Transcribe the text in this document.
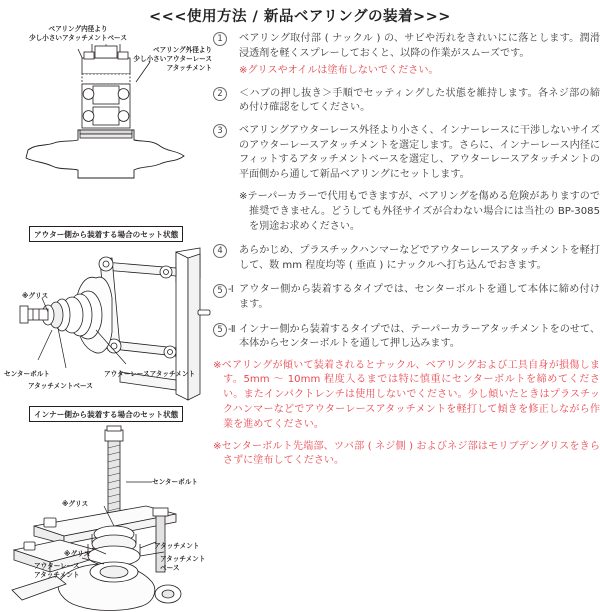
<<<使用方法 / 新品ベアリングの装着>>>
ベアリング内径より
少し小さいアタッチメントベース
ベアリング外径より
少し小さいアウターレース
アタッチメント
アウター側から装着する場合のセット状態
※グリス
センターボルト
アタッチメントベース
アウターレースアタッチメント
インナー側から装着する場合のセット状態
センターボルト
※グリス
アタッチメント
アタッチメント
ベース
※グリス
アウターレース
アタッチメント
1	ベアリング取付部 ( ナックル ) の、サビや汚れをきれいにに落とします。潤滑浸透剤を軽くスプレーしておくと、以降の作業がスムーズです。
※グリスやオイルは塗布しないでください。
2	＜ハブの押し抜き＞手順でセッティングした状態を維持します。各ネジ部の締め付け確認をしてください。
3	ベアリングアウターレース外径より小さく、インナーレースに干渉しないサイズのアウターレースアタッチメントを選定します。さらに、インナーレース内径にフィットするアタッチメントベースを選定し、アウターレースアタッチメントの平面側から通して新品ベアリングにセットします。
※テーパーカラーで代用もできますが、ベアリングを傷める危険がありますので推奨できません。どうしても外径サイズが合わない場合には当社の BP-3085 を別途お求めください。
4	あらかじめ、プラスチックハンマーなどでアウターレースアタッチメントを軽打して、数 mm 程度均等 ( 垂直 ) にナックルへ打ち込んでおきます。
5 -Ⅰ アウター側から装着するタイプでは、センターボルトを通して本体に締め付けます。
5 -Ⅱ インナー側から装着するタイプでは、テーパーカラーアタッチメントをのせて、本体からセンターボルトを通して押し込みます。

※ベアリングが傾いて装着されるとナックル、ベアリングおよび工具自身が損傷します。5mm ～ 10mm 程度入るまでは特に慎重にセンターボルトを締めてください。またインパクトレンチは使用しないでください。少し傾いたときはプラスチックハンマーなどでアウターレースアタッチメントを軽打して傾きを修正しながら作業を進めてください。

※センターボルト先端部、ツバ部 ( ネジ側 ) およびネジ部はモリブデングリスをきらさずに塗布してください。
